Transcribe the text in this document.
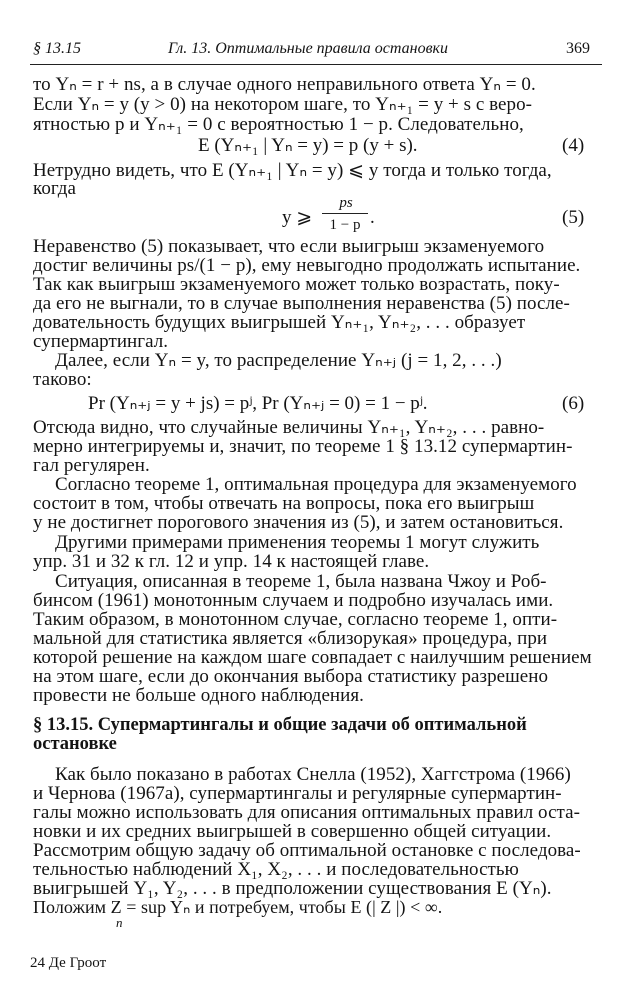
§ 13.15	Гл. 13. Оптимальные правила остановки	369
то Yₙ = r + ns, а в случае одного неправильного ответа Yₙ = 0.
Если Yₙ = y (y > 0) на некотором шаге, то Yₙ₊₁ = y + s с веро-
ятностью p и Yₙ₊₁ = 0 с вероятностью 1 − p. Следовательно,
E (Yₙ₊₁ | Yₙ = y) = p (y + s).	(4)
Нетрудно видеть, что E (Yₙ₊₁ | Yₙ = y) ⩽ y тогда и только тогда,
когда
y ⩾
ps
1 − p .	(5)
Неравенство (5) показывает, что если выигрыш экзаменуемого
достиг величины ps/(1 − p), ему невыгодно продолжать испытание.
Так как выигрыш экзаменуемого может только возрастать, поку-
да его не выгнали, то в случае выполнения неравенства (5) после-
довательность будущих выигрышей Yₙ₊₁, Yₙ₊₂, . . . образует
супермартингал.
Далее, если Yₙ = y, то распределение Yₙ₊ⱼ (j = 1, 2, . . .)
таково:
Pr (Yₙ₊ⱼ = y + js) = pʲ, Pr (Yₙ₊ⱼ = 0) = 1 − pʲ.	(6)
Отсюда видно, что случайные величины Yₙ₊₁, Yₙ₊₂, . . . равно-
мерно интегрируемы и, значит, по теореме 1 § 13.12 супермартин-
гал регулярен.
Согласно теореме 1, оптимальная процедура для экзаменуемого
состоит в том, чтобы отвечать на вопросы, пока его выигрыш
y не достигнет порогового значения из (5), и затем остановиться.
Другими примерами применения теоремы 1 могут служить
упр. 31 и 32 к гл. 12 и упр. 14 к настоящей главе.
Ситуация, описанная в теореме 1, была названа Чжоу и Роб-
бинсом (1961) монотонным случаем и подробно изучалась ими.
Таким образом, в монотонном случае, согласно теореме 1, опти-
мальной для статистика является «близорукая» процедура, при
которой решение на каждом шаге совпадает с наилучшим решением
на этом шаге, если до окончания выбора статистику разрешено
провести не больше одного наблюдения.
§ 13.15. Супермартингалы и общие задачи об оптимальной
остановке
Как было показано в работах Снелла (1952), Хаггстрома (1966)
и Чернова (1967a), супермартингалы и регулярные супермартин-
галы можно использовать для описания оптимальных правил оста-
новки и их средних выигрышей в совершенно общей ситуации.
Рассмотрим общую задачу об оптимальной остановке с последова-
тельностью наблюдений X₁, X₂, . . . и последовательностью
выигрышей Y₁, Y₂, . . . в предположении существования E (Yₙ).
Положим Z = sup Yₙ и потребуем, чтобы E (| Z |) < ∞.
n
24 Де Гроот
